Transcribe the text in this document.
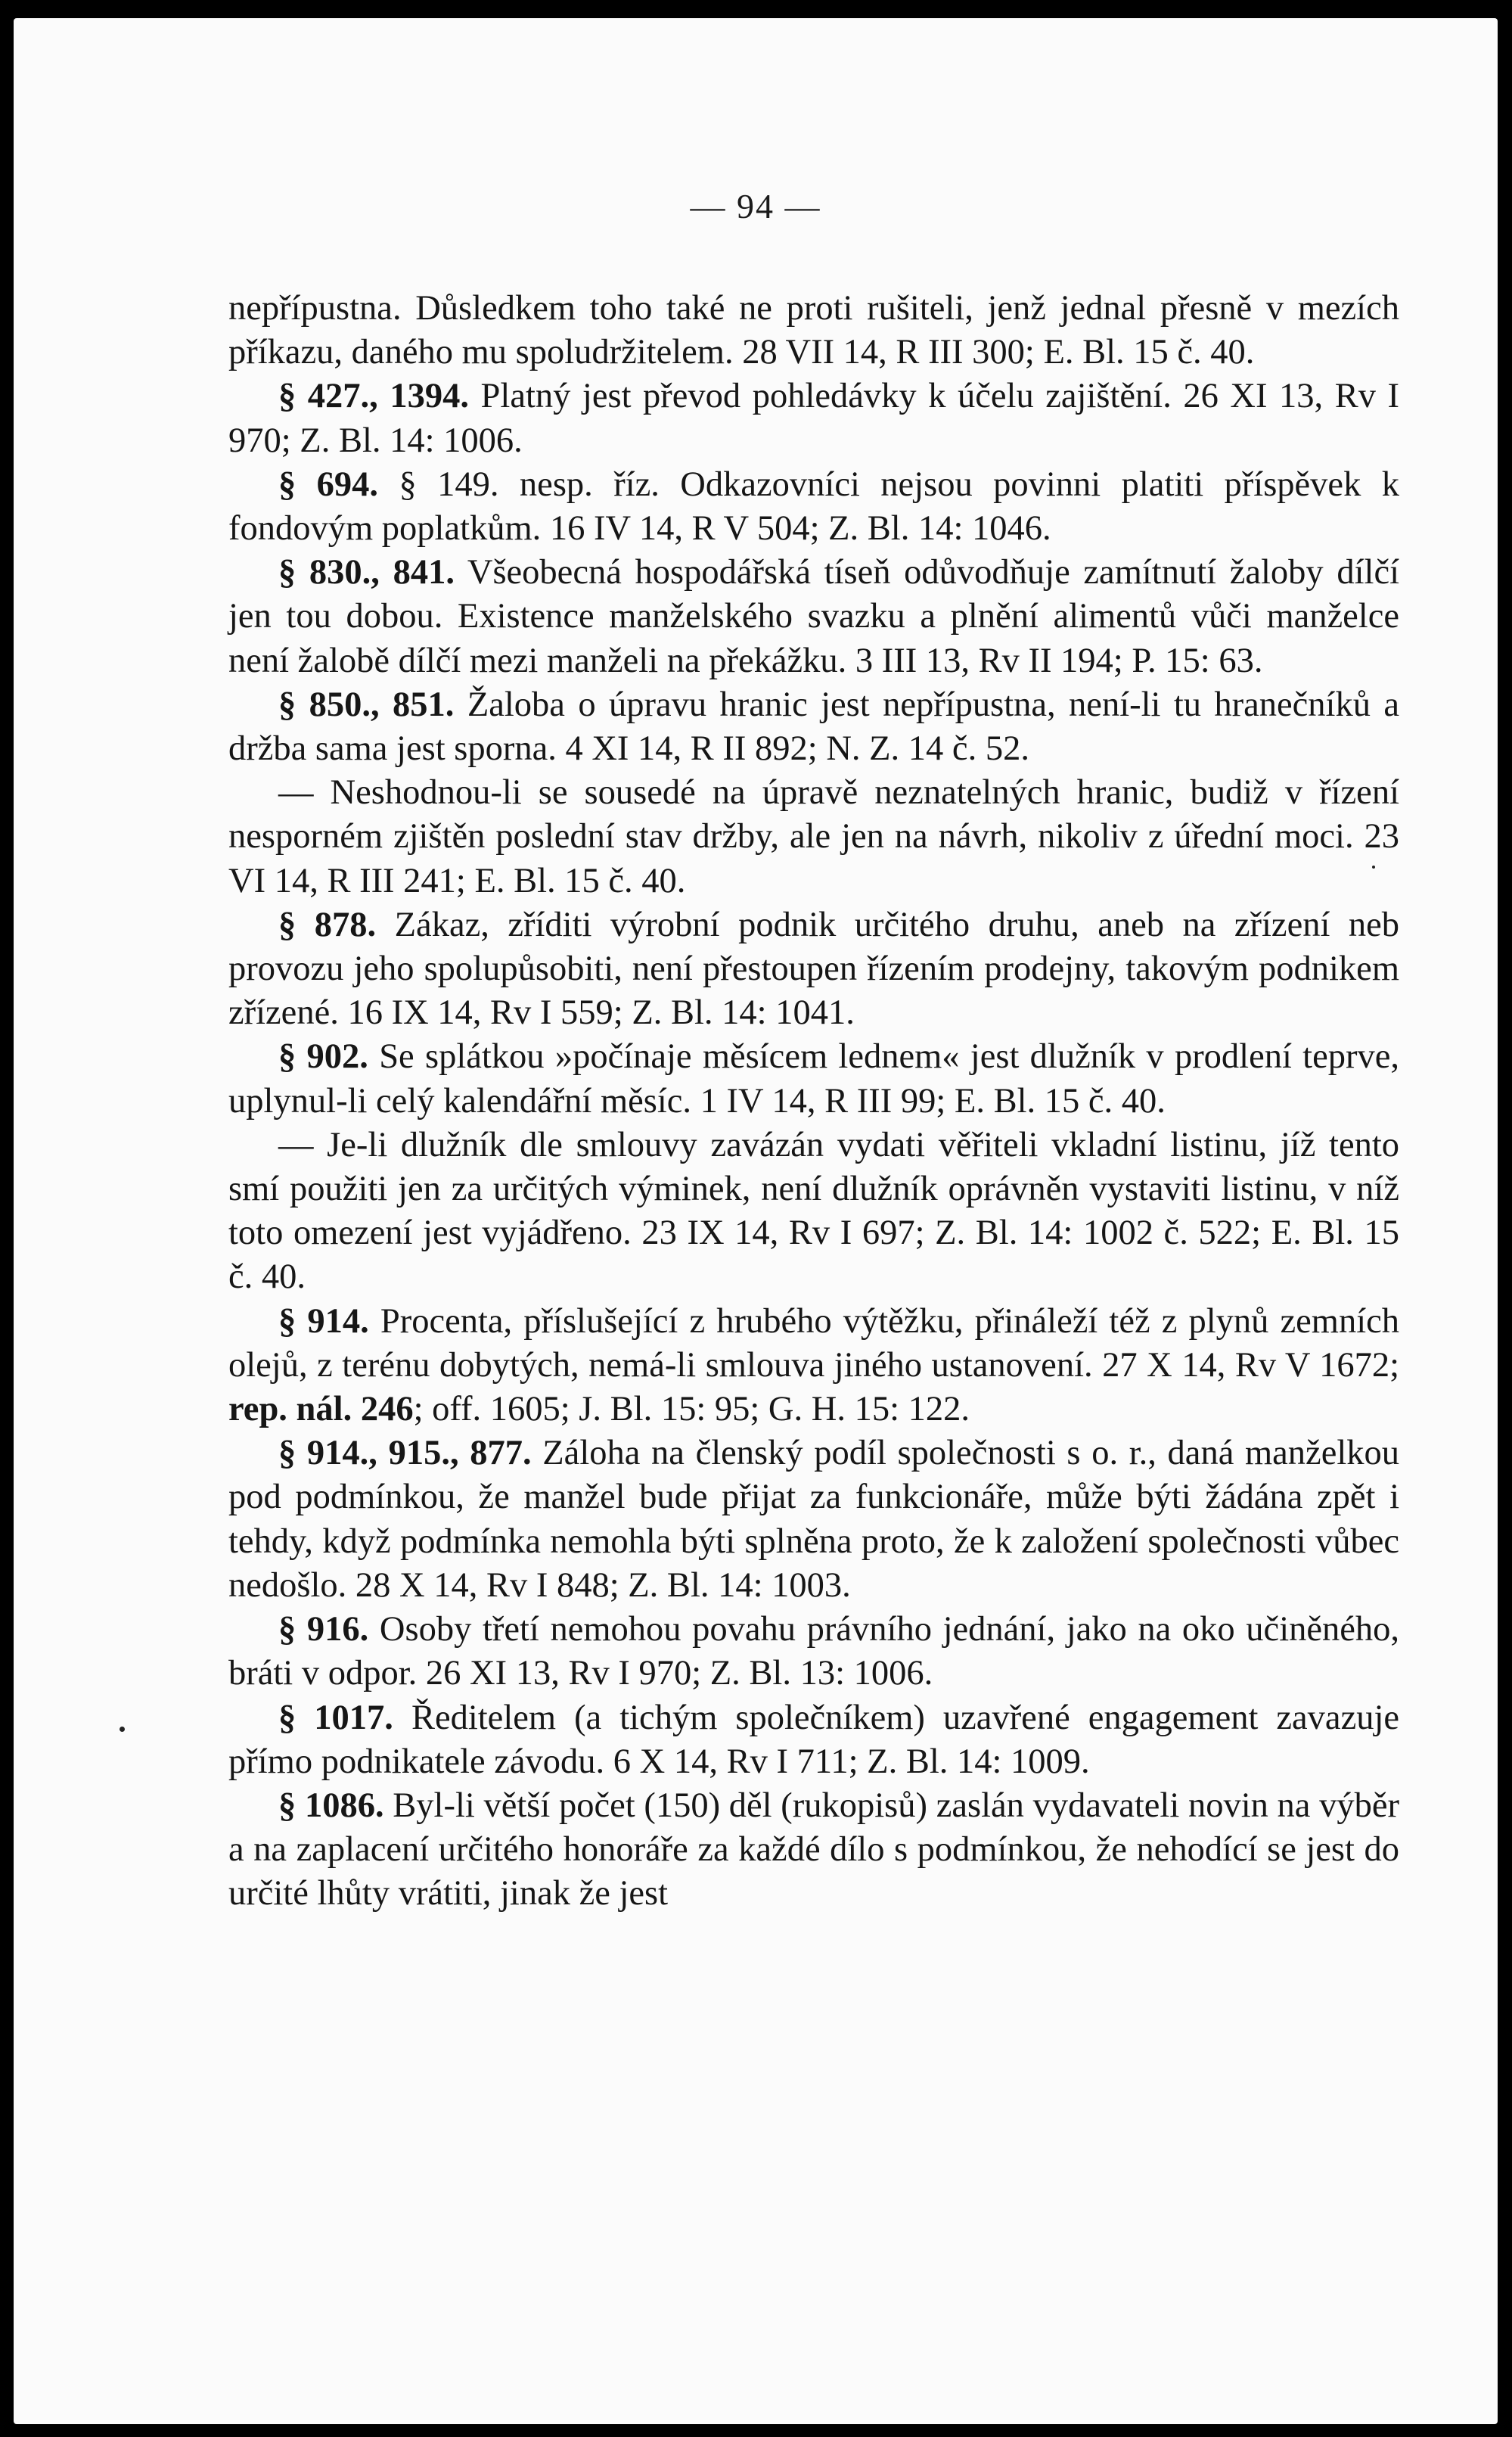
— 94 —

nepřípustna. Důsledkem toho také ne proti rušiteli, jenž jednal přesně v mezích příkazu, daného mu spoludržitelem. 28 VII 14, R III 300; E. Bl. 15 č. 40.

§ 427., 1394. Platný jest převod pohledávky k účelu zajištění. 26 XI 13, Rv I 970; Z. Bl. 14: 1006.

§ 694. § 149. nesp. říz. Odkazovníci nejsou povinni platiti příspěvek k fondovým poplatkům. 16 IV 14, R V 504; Z. Bl. 14: 1046.

§ 830., 841. Všeobecná hospodářská tíseň odůvodňuje zamítnutí žaloby dílčí jen tou dobou. Existence manželského svazku a plnění alimentů vůči manželce není žalobě dílčí mezi manželi na překážku. 3 III 13, Rv II 194; P. 15: 63.

§ 850., 851. Žaloba o úpravu hranic jest nepřípustna, není-li tu hranečníků a držba sama jest sporna. 4 XI 14, R II 892; N. Z. 14 č. 52.

— Neshodnou-li se sousedé na úpravě neznatelných hranic, budiž v řízení nesporném zjištěn poslední stav držby, ale jen na návrh, nikoliv z úřední moci. 23 VI 14, R III 241; E. Bl. 15 č. 40.

§ 878. Zákaz, zříditi výrobní podnik určitého druhu, aneb na zřízení neb provozu jeho spolupůsobiti, není přestoupen řízením prodejny, takovým podnikem zřízené. 16 IX 14, Rv I 559; Z. Bl. 14: 1041.

§ 902. Se splátkou »počínaje měsícem lednem« jest dlužník v prodlení teprve, uplynul-li celý kalendářní měsíc. 1 IV 14, R III 99; E. Bl. 15 č. 40.

— Je-li dlužník dle smlouvy zavázán vydati věřiteli vkladní listinu, jíž tento smí použiti jen za určitých výminek, není dlužník oprávněn vystaviti listinu, v níž toto omezení jest vyjádřeno. 23 IX 14, Rv I 697; Z. Bl. 14: 1002 č. 522; E. Bl. 15 č. 40.

§ 914. Procenta, příslušející z hrubého výtěžku, přináleží též z plynů zemních olejů, z terénu dobytých, nemá-li smlouva jiného ustanovení. 27 X 14, Rv V 1672; rep. nál. 246; off. 1605; J. Bl. 15: 95; G. H. 15: 122.

§ 914., 915., 877. Záloha na členský podíl společnosti s o. r., daná manželkou pod podmínkou, že manžel bude přijat za funkcionáře, může býti žádána zpět i tehdy, když podmínka nemohla býti splněna proto, že k založení společnosti vůbec nedošlo. 28 X 14, Rv I 848; Z. Bl. 14: 1003.

§ 916. Osoby třetí nemohou povahu právního jednání, jako na oko učiněného, bráti v odpor. 26 XI 13, Rv I 970; Z. Bl. 13: 1006.

§ 1017. Ředitelem (a tichým společníkem) uzavřené engagement zavazuje přímo podnikatele závodu. 6 X 14, Rv I 711; Z. Bl. 14: 1009.

§ 1086. Byl-li větší počet (150) děl (rukopisů) zaslán vydavateli novin na výběr a na zaplacení určitého honoráře za každé dílo s podmínkou, že nehodící se jest do určité lhůty vrátiti, jinak že jest
